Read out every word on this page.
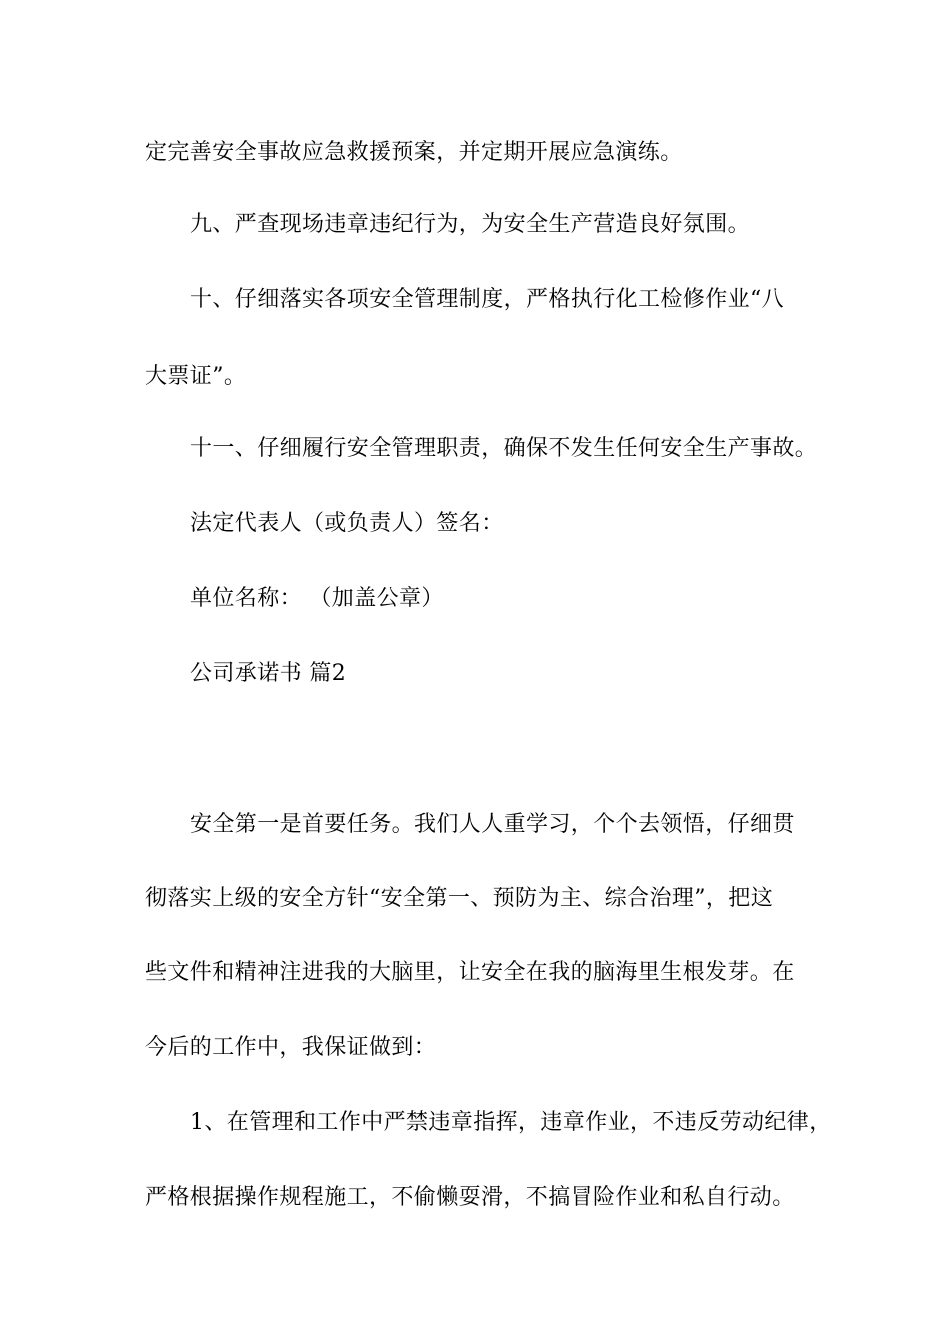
定完善安全事故应急救援预案，并定期开展应急演练。
九、严查现场违章违纪行为，为安全生产营造良好氛围。
十、仔细落实各项安全管理制度，严格执行化工检修作业“八
大票证”。
十一、仔细履行安全管理职责，确保不发生任何安全生产事故。
法定代表人（或负责人）签名：
单位名称： （加盖公章）
公司承诺书 篇2
安全第一是首要任务。我们人人重学习，个个去领悟，仔细贯
彻落实上级的安全方针“安全第一、预防为主、综合治理”，把这
些文件和精神注进我的大脑里，让安全在我的脑海里生根发芽。在
今后的工作中，我保证做到：
1、在管理和工作中严禁违章指挥，违章作业，不违反劳动纪律，
严格根据操作规程施工，不偷懒耍滑，不搞冒险作业和私自行动。
